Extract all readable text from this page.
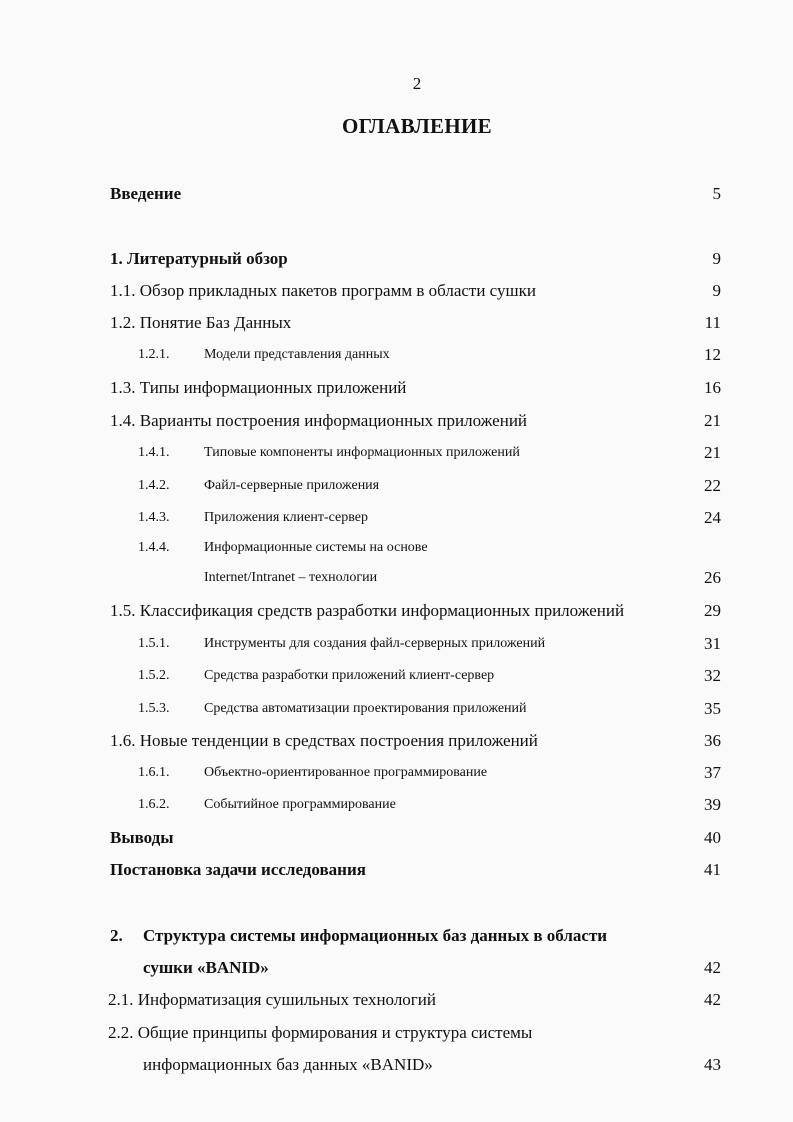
2
ОГЛАВЛЕНИЕ
Введение	5
1. Литературный обзор	9
1.1. Обзор прикладных пакетов программ в области сушки	9
1.2. Понятие Баз Данных	11
1.2.1. Модели представления данных	12
1.3. Типы информационных приложений	16
1.4. Варианты построения информационных приложений	21
1.4.1. Типовые компоненты информационных приложений	21
1.4.2. Файл-серверные приложения	22
1.4.3. Приложения клиент-сервер	24
1.4.4. Информационные системы на основе
Internet/Intranet – технологии	26
1.5. Классификация средств разработки информационных приложений	29
1.5.1. Инструменты для создания файл-серверных приложений	31
1.5.2. Средства разработки приложений клиент-сервер	32
1.5.3. Средства автоматизации проектирования приложений	35
1.6. Новые тенденции в средствах построения приложений	36
1.6.1. Объектно-ориентированное программирование	37
1.6.2. Событийное программирование	39
Выводы	40
Постановка задачи исследования	41
2. Структура системы информационных баз данных в области
сушки «BANID»	42
2.1. Информатизация сушильных технологий	42
2.2. Общие принципы формирования и структура системы
информационных баз данных «BANID»	43
